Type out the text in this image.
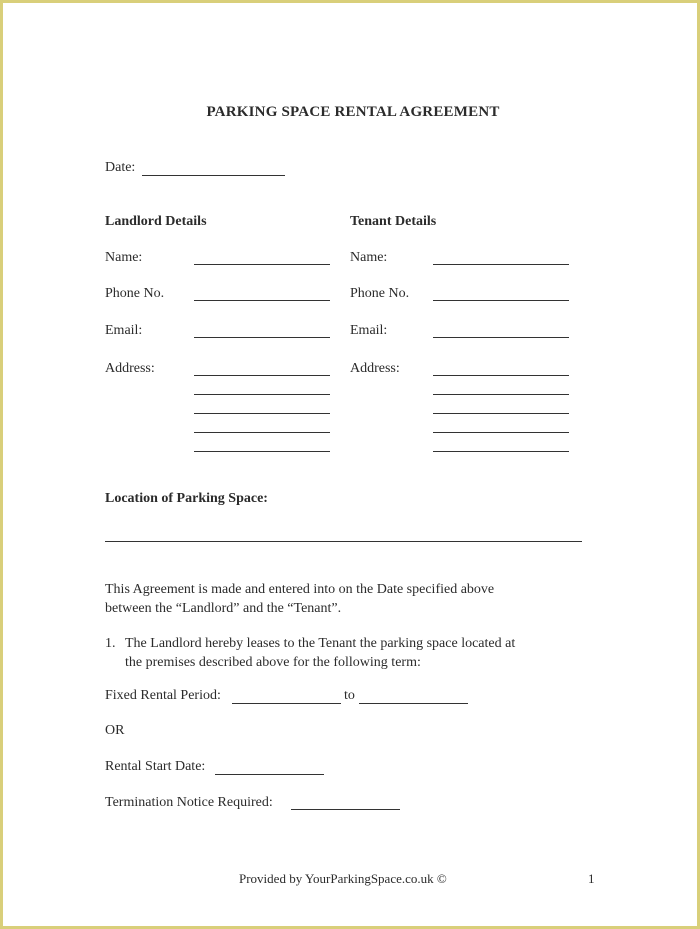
PARKING SPACE RENTAL AGREEMENT
Date:
Landlord Details	Tenant Details
Name:
Phone No.
Email:
Address:
Name:
Phone No.
Email:
Address:
Location of Parking Space:
This Agreement is made and entered into on the Date specified above
between the “Landlord” and the “Tenant”.
1. The Landlord hereby leases to the Tenant the parking space located at
the premises described above for the following term:
Fixed Rental Period:	to
OR
Rental Start Date:
Termination Notice Required:
Provided by YourParkingSpace.co.uk ©	1
